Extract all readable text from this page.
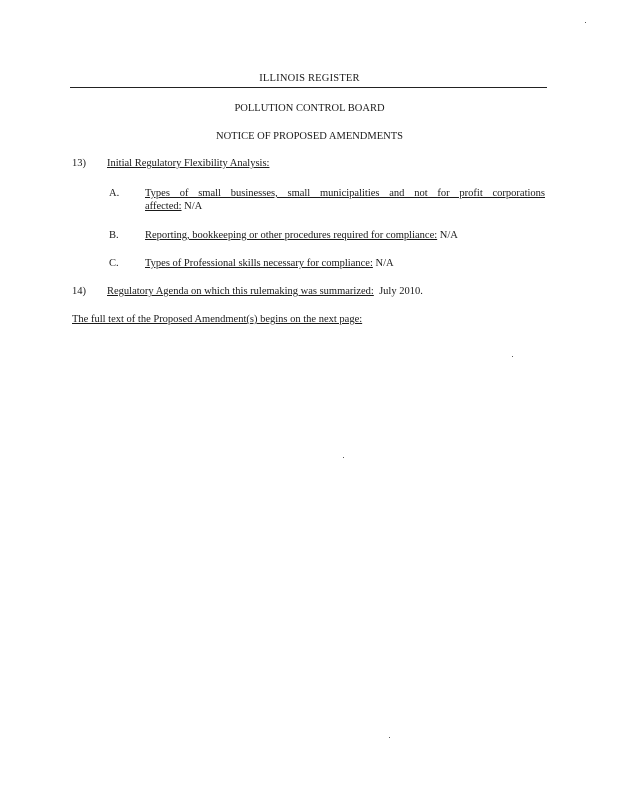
ILLINOIS REGISTER
POLLUTION CONTROL BOARD
NOTICE OF PROPOSED AMENDMENTS
13) Initial Regulatory Flexibility Analysis:
A. Types of small businesses, small municipalities and not for profit corporations
affected: N/A
B.	Reporting, bookkeeping or other procedures required for compliance: N/A
C.	Types of Professional skills necessary for compliance: N/A
14) Regulatory Agenda on which this rulemaking was summarized:  July 2010.
The full text of the Proposed Amendment(s) begins on the next page:
